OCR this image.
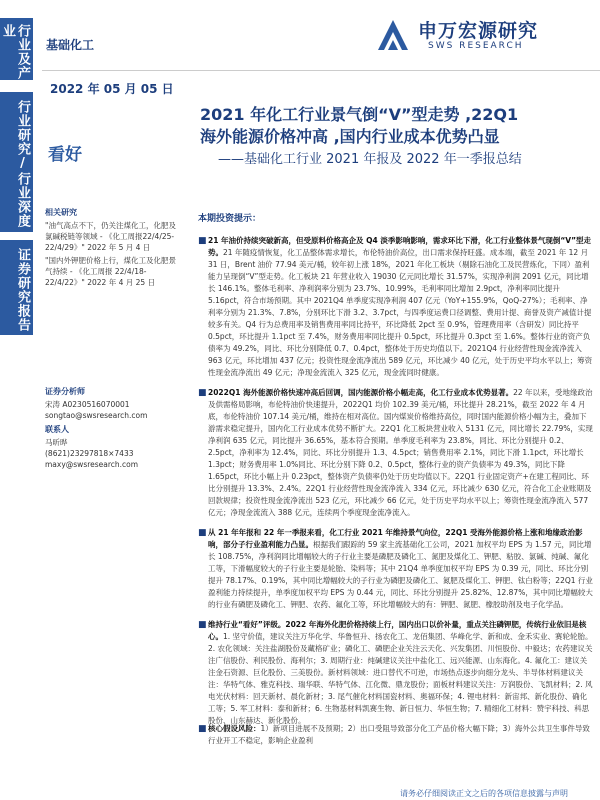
行业及产业
行业研究/行业深度
证券研究报告
基础化工
申万宏源研究
SWS RESEARCH
2022 年 05 月 05 日
2021 年化工行业景气倒“V”型走势 ,22Q1
海外能源价格冲高 ,国内行业成本优势凸显
——基础化工行业 2021 年报及 2022 年一季报总结
看好
相关研究
"油气高点不下，仍关注煤化工，化肥及氯碱税链等领域 - 《化工周报22/4/25-22/4/29》" 2022 年 5 月 4 日
"国内外钾肥价格上行，煤化工及化肥景气持续 - 《化工周报 22/4/18-22/4/22》" 2022 年 4 月 25 日
证券分析师
宋涛 A0230516070001
songtao@swsresearch.com
联系人
马昕晔
(8621)23297818×7433
maxy@swsresearch.com
本期投资提示：
■ 21 年油价持续突破新高，但受原料价格高企及 Q4 淡季影响影响，需求环比下滑，化工行业整体景气现倒“V”型走势。21 年随疫情恢复，化工品整体需求增长，布伦特油价高位，出口需求保持旺盛。成本端，截至 2021 年 12 月 31 日，Brent 油价 77.94 美元/桶，较年初上涨 18%，2021 年化工板块（剔除石油化工及民营炼化，下同）盈利能力呈现倒“V”型走势。化工板块 21 年营业收入 19030 亿元同比增长 31.57%，实现净利润 2091 亿元，同比增长 146.1%。整体毛利率、净利润率分别为 23.7%、10.99%，毛利率同比增加 2.9pct，净利率同比提升 5.16pct，符合市场预期。其中 2021Q4 单季度实现净利润 407 亿元（YoY+155.9%，QoQ-27%）；毛利率、净利率分别为 21.3%、7.8%，分别环比下滑 3.2、3.7pct，与四季度运费口径调整、费用计提、商誉及资产减值计提较多有关。Q4 行为总费用率及销售费用率同比持平，环比降低 2pct 至 0.9%，管理费用率（含研发）同比持平 0.5pct，环比提升 1.1pct 至 7.4%，财务费用率同比提升 0.5pct，环比提升 0.3pct 至 1.6%。整体行业的资产负债率为 49.2%，同比、环比分别降低 0.7、0.4pct，整体处于历史均值以下。2021Q4 行业经营性现金流净流入 963 亿元，环比增加 437 亿元；投资性现金流净流出 589 亿元，环比减少 40 亿元，处于历史平均水平以上；筹资性现金流净流出 49 亿元；净现金流流入 325 亿元，现金流同时健康。
■ 2022Q1 海外能源价格快速冲高后回调，国内能源价格小幅走高，化工行业成本优势显著。22 年以来，受地缘政治及供需格局影响，布伦特油价快速提升，2022Q1 均价 102.39 美元/桶，环比提升 28.21%，截至 2022 年 4 月底，布伦特油价 107.14 美元/桶，维持在相对高位。国内煤炭价格维持高位，同时国内能源价格小幅为主，叠加下游需求稳定提升，国内化工行业成本优势不断扩大。22Q1 化工板块营业收入 5131 亿元，同比增长 22.79%，实现净利润 635 亿元，同比提升 36.65%，基本符合预期。单季度毛利率为 23.8%，同比、环比分别提升 0.2、2.5pct，净利率为 12.4%，同比、环比分别提升 1.3、4.5pct；销售费用率 2.1%，同比下滑 1.1pct，环比增长 1.3pct；财务费用率 1.0%同比、环比分别下降 0.2、0.5pct，整体行业的资产负债率为 49.3%，同比下降 1.65pct，环比小幅上升 0.23pct，整体资产负债率仍处于历史均值以下。22Q1 行业固定资产+在建工程同比、环比分别提升 13.3%、2.4%。22Q1 行业经营性现金流净流入 334 亿元，环比减少 630 亿元，符合化工企业账期及回款规律；投资性现金流净流出 523 亿元，环比减少 66 亿元，处于历史平均水平以上；筹资性现金流净流入 577 亿元；净现金流流入 388 亿元，连续两个季度现金流净流入。
■ 从 21 年年报和 22 年一季报来看，化工行业 2021 年维持景气向位，22Q1 受海外能源价格上涨和地缘政治影响，部分子行业盈利能力凸显。根据我们跟踪的 59 家主流基础化工公司，2021 加权平均 EPS 为 1.57 元，同比增长 108.75%，净利润同比增幅较大的子行业主要是磷肥及磷化工、氮肥及煤化工、钾肥、粘胶、氯碱、纯碱、氟化工等，下滑幅度较大的子行业主要是轮胎、染料等；其中 21Q4 单季度加权平均 EPS 为 0.39 元，同比、环比分别提升 78.17%、0.19%，其中同比增幅较大的子行业为磷肥及磷化工、氮肥及煤化工、钾肥、钛白粉等；22Q1 行业盈利能力持续提升，单季度加权平均 EPS 为 0.44 元，同比、环比分别提升 25.82%、12.87%，其中同比增幅较大的行业有磷肥及磷化工、钾肥、农药、氟化工等，环比增幅较大的有：钾肥、氮肥、橡胶助剂及电子化学品。
■ 维持行业“看好”评级。2022 年海外化肥价格持续上行，国内出口以价补量，重点关注磷钾肥，传统行业依旧是核心。1. 坚守价值，建议关注万华化学、华鲁恒升、扬农化工、龙佰集团、华峰化学、新和成、金禾实业、赛轮轮胎。2. 农化领域：关注盐湖股份及藏格矿业；磷化工、磷肥企业关注云天化、兴发集团、川恒股份、中毅达；农药建议关注广信股份、利民股份、海利尔；3. 周期行业：纯碱建议关注中盐化工、远兴能源、山东海化。4. 氟化工：建议关注金石资源、巨化股份、三美股份。新材料领域：进口替代不可逆，市场热点逐步向细分龙头、半导体材料建议关注：华特气体、雅克科技、瑞华联、华特气体、江化微、鼎龙股份；面板材料建议关注：万润股份、飞凯材料；2. 风电光伏材料：回天新材、晨化新材；3. 尾气催化材料国瓷材料、奥福环保；4. 锂电材料：新宙邦、新化股份、确化工等；5. 军工材料：泰和新材；6. 生物基材料凯赛生物、新日恒力、华恒生物；7. 精细化工材料：赞宇科技、科思股份、山东赫达、新化股份。
■ 核心假设风险：1）新项目进展不及预期；2）出口受阻导致部分化工产品价格大幅下降；3）海外公共卫生事件导致行业开工不稳定，影响企业盈利
请务必仔细阅读正文之后的各项信息披露与声明
